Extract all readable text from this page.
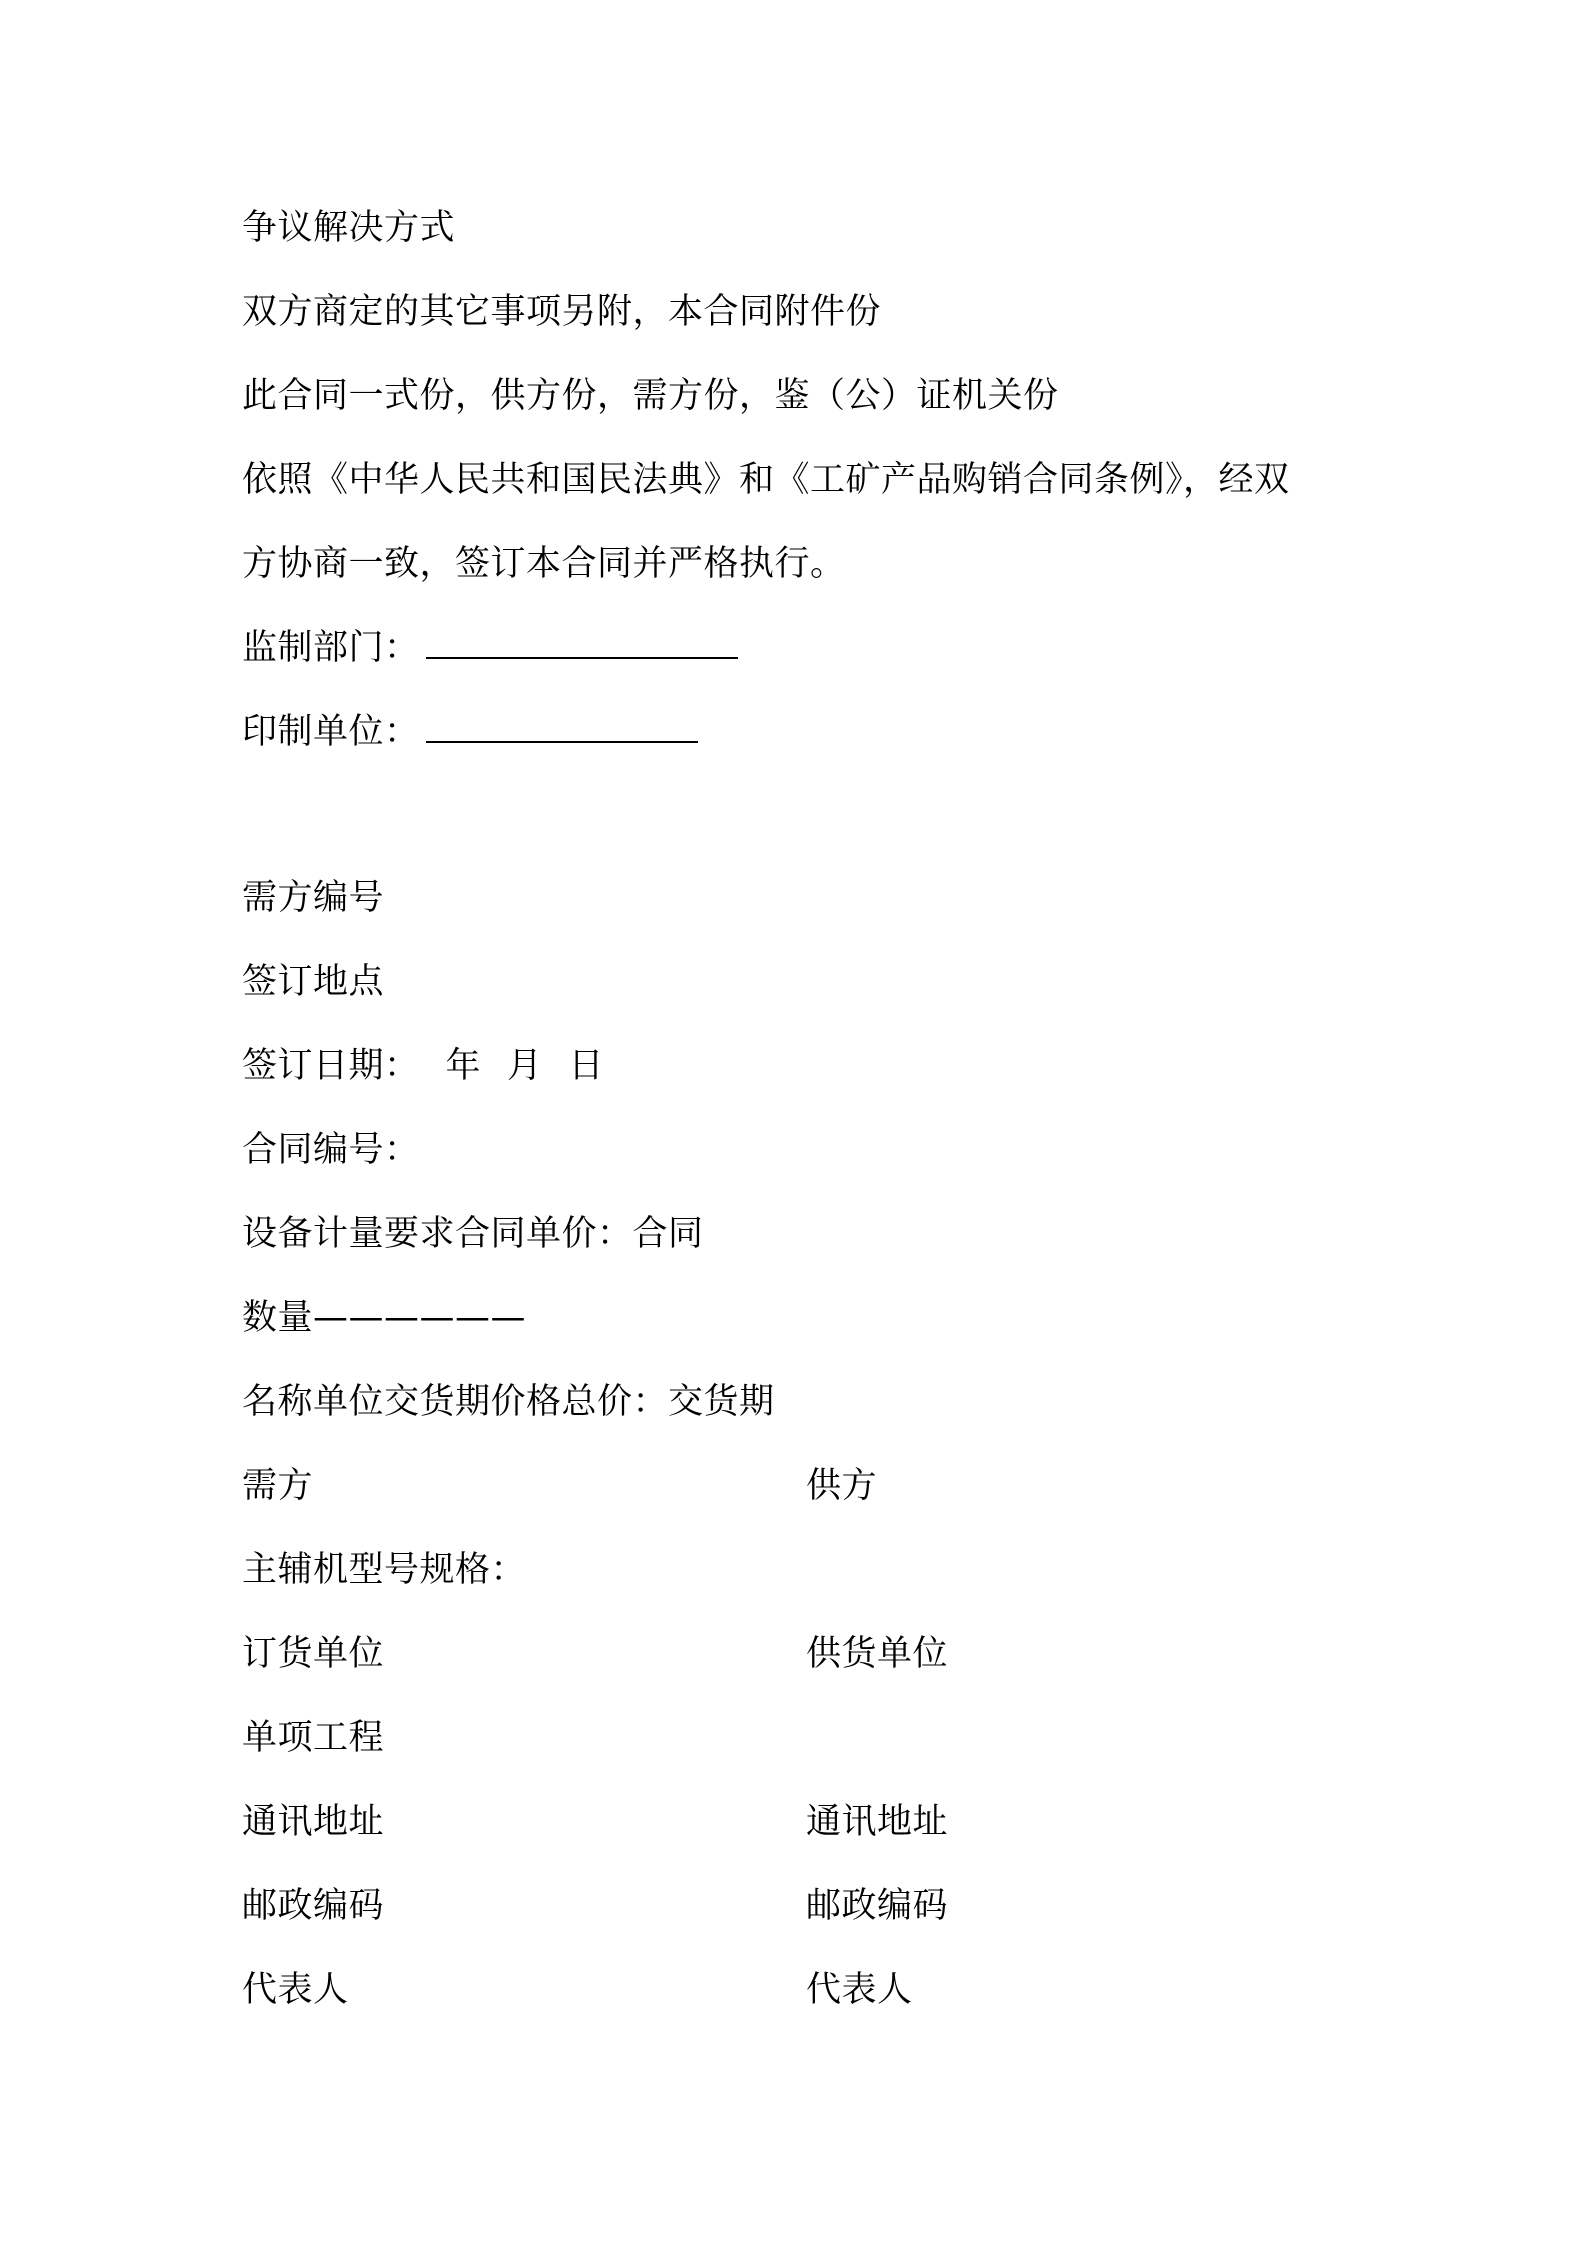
争议解决方式
双方商定的其它事项另附，本合同附件份
此合同一式份，供方份，需方份，鉴（公）证机关份
依照《中华人民共和国民法典》和《工矿产品购销合同条例》，经双
方协商一致，签订本合同并严格执行。
监制部门：
印制单位：
需方编号
签订地点
签订日期： 年 月 日
合同编号：
设备计量要求合同单价：合同
数量——————
名称单位交货期价格总价：交货期
需方	供方
主辅机型号规格：
订货单位	供货单位
单项工程
通讯地址	通讯地址
邮政编码	邮政编码
代表人	代表人
